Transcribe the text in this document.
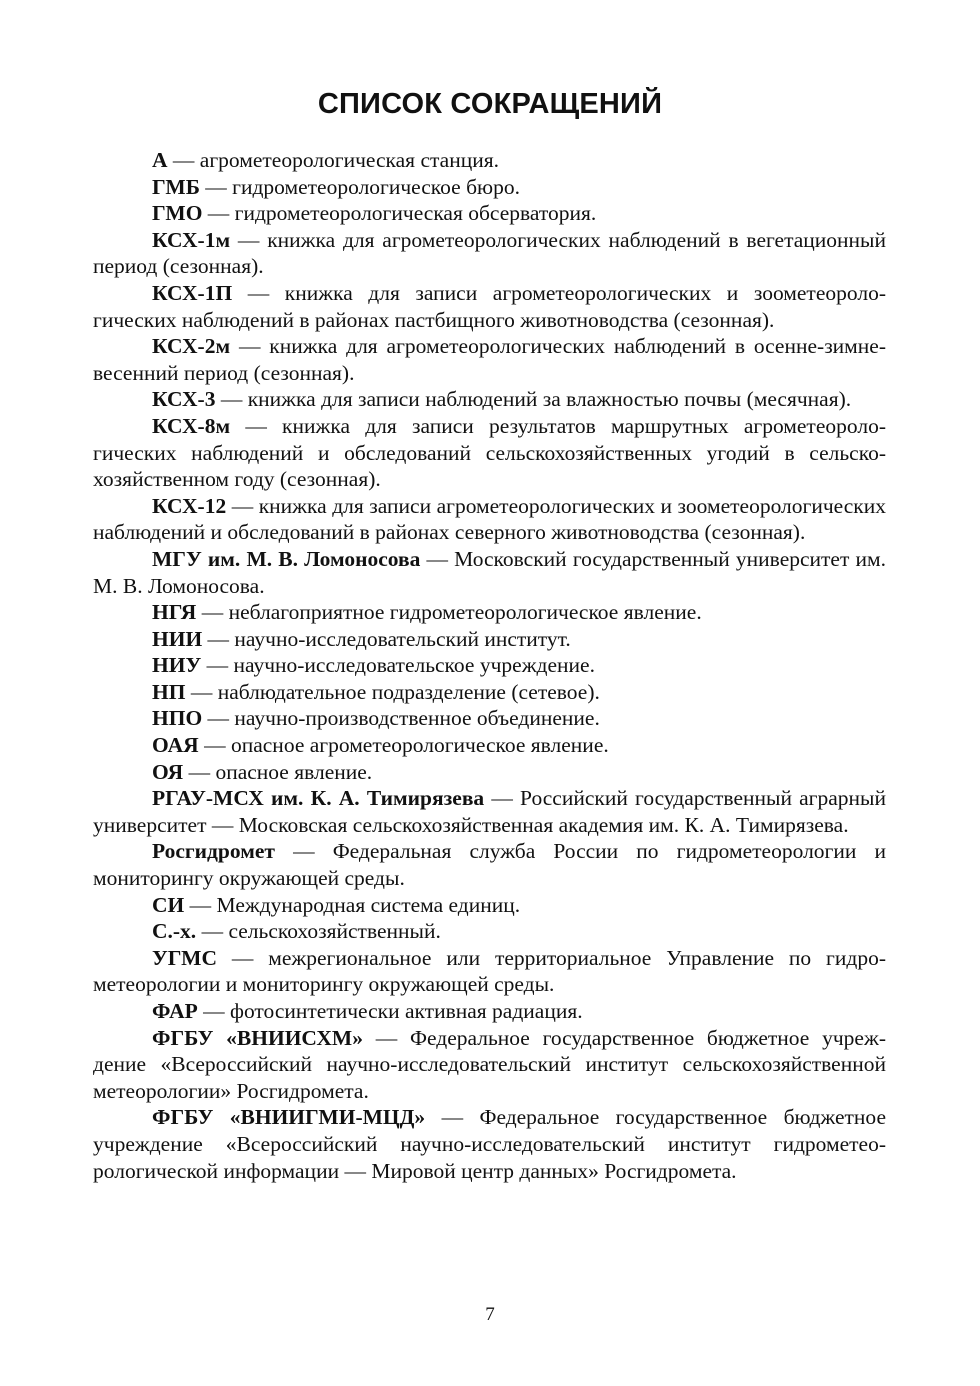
СПИСОК СОКРАЩЕНИЙ

А — агрометеорологическая станция.

ГМБ — гидрометеорологическое бюро.

ГМО — гидрометеорологическая обсерватория.

КСХ-1м — книжка для агрометеорологических наблюдений в вегетационный период (сезонная).

КСХ-1П — книжка для записи агрометеорологических и зоометеорологических наблюдений в районах пастбищного животноводства (сезонная).

КСХ-2м — книжка для агрометеорологических наблюдений в осенне-зимне-весенний период (сезонная).

КСХ-3 — книжка для записи наблюдений за влажностью почвы (месячная).

КСХ-8м — книжка для записи результатов маршрутных агрометеорологических наблюдений и обследований сельскохозяйственных угодий в сельскохозяйственном году (сезонная).

КСХ-12 — книжка для записи агрометеорологических и зоометеорологических наблюдений и обследований в районах северного животноводства (сезонная).

МГУ им. М. В. Ломоносова — Московский государственный университет им. М. В. Ломоносова.

НГЯ — неблагоприятное гидрометеорологическое явление.

НИИ — научно-исследовательский институт.

НИУ — научно-исследовательское учреждение.

НП — наблюдательное подразделение (сетевое).

НПО — научно-производственное объединение.

ОАЯ — опасное агрометеорологическое явление.

ОЯ — опасное явление.

РГАУ-МСХ им. К. А. Тимирязева — Российский государственный аграрный университет — Московская сельскохозяйственная академия им. К. А. Тимирязева.

Росгидромет — Федеральная служба России по гидрометеорологии и мониторингу окружающей среды.

СИ — Международная система единиц.

С.-х. — сельскохозяйственный.

УГМС — межрегиональное или территориальное Управление по гидрометеорологии и мониторингу окружающей среды.

ФАР — фотосинтетически активная радиация.

ФГБУ «ВНИИСХМ» — Федеральное государственное бюджетное учреждение «Всероссийский научно-исследовательский институт сельскохозяйственной метеорологии» Росгидромета.

ФГБУ «ВНИИГМИ-МЦД» — Федеральное государственное бюджетное учреждение «Всероссийский научно-исследовательский институт гидрометеорологической информации — Мировой центр данных» Росгидромета.

7
